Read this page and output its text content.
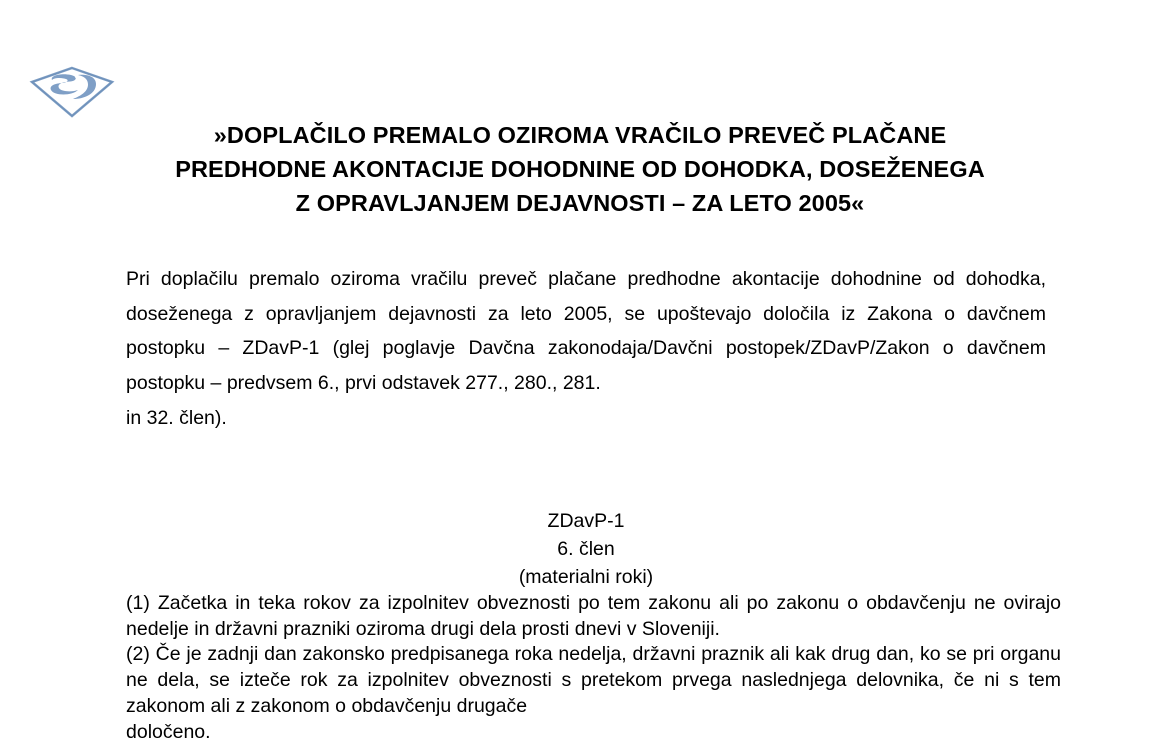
»DOPLAČILO PREMALO OZIROMA VRAČILO PREVEČ PLAČANE
PREDHODNE AKONTACIJE DOHODNINE OD DOHODKA, DOSEŽENEGA
Z OPRAVLJANJEM DEJAVNOSTI – ZA LETO 2005«
Pri doplačilu premalo oziroma vračilu preveč plačane predhodne akontacije dohodnine od dohodka, doseženega z opravljanjem dejavnosti za leto 2005, se upoštevajo določila iz Zakona o davčnem postopku – ZDavP-1 (glej poglavje Davčna zakonodaja/Davčni postopek/ZDavP/Zakon o davčnem postopku – predvsem 6., prvi odstavek 277., 280., 281.
in 32. člen).
ZDavP-1
6. člen
(materialni roki)

(1) Začetka in teka rokov za izpolnitev obveznosti po tem zakonu ali po zakonu o obdavčenju ne ovirajo nedelje in državni prazniki oziroma drugi dela prosti dnevi v Sloveniji.

(2) Če je zadnji dan zakonsko predpisanega roka nedelja, državni praznik ali kak drug dan, ko se pri organu ne dela, se izteče rok za izpolnitev obveznosti s pretekom prvega naslednjega delovnika, če ni s tem zakonom ali z zakonom o obdavčenju drugače
določeno.
